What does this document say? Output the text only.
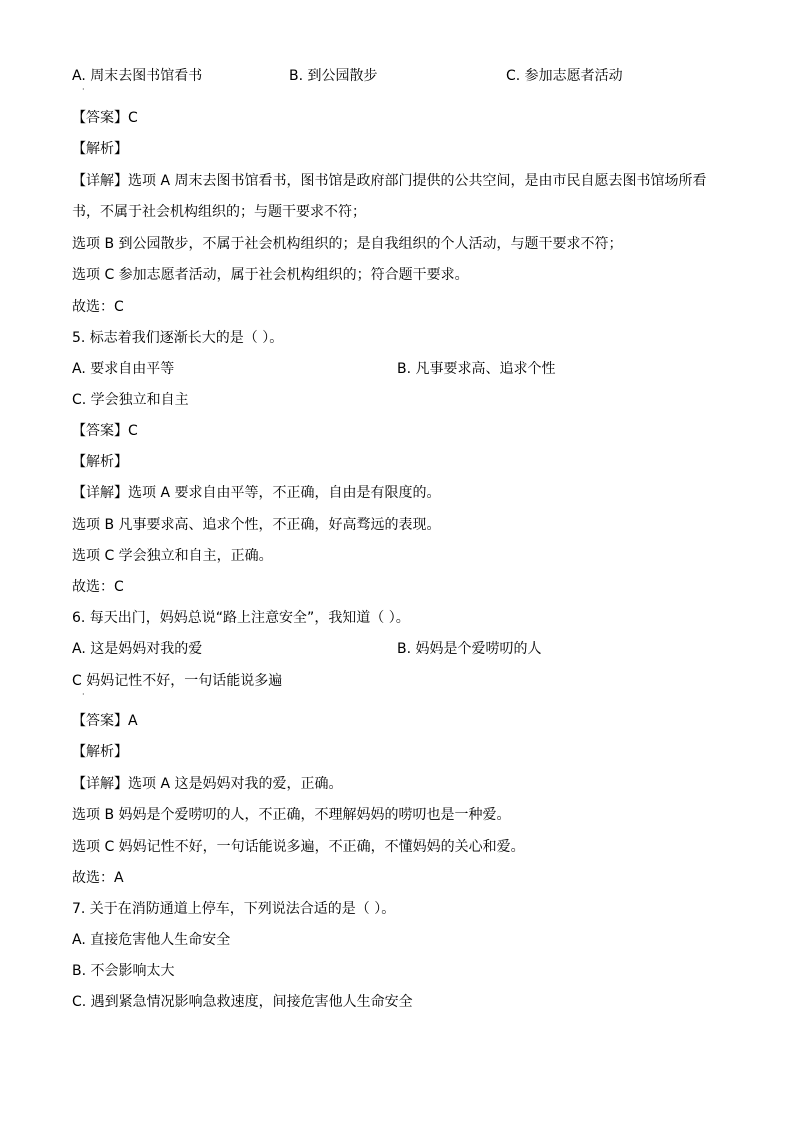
A. 周末去图书馆看书	B. 到公园散步	C. 参加志愿者活动
·
【答案】C
【解析】
【详解】选项 A 周末去图书馆看书，图书馆是政府部门提供的公共空间，是由市民自愿去图书馆场所看
书，不属于社会机构组织的；与题干要求不符；
选项 B 到公园散步，不属于社会机构组织的；是自我组织的个人活动，与题干要求不符；
选项 C 参加志愿者活动，属于社会机构组织的；符合题干要求。
故选：C
5. 标志着我们逐渐长大的是（ ）。
A. 要求自由平等	B. 凡事要求高、追求个性
C. 学会独立和自主
【答案】C
【解析】
【详解】选项 A 要求自由平等，不正确，自由是有限度的。
选项 B 凡事要求高、追求个性，不正确，好高骛远的表现。
选项 C 学会独立和自主，正确。
故选：C
6. 每天出门，妈妈总说“路上注意安全”，我知道（ ）。
A. 这是妈妈对我的爱	B. 妈妈是个爱唠叨的人
C 妈妈记性不好，一句话能说多遍
·
【答案】A
【解析】
【详解】选项 A 这是妈妈对我的爱，正确。
选项 B 妈妈是个爱唠叨的人，不正确，不理解妈妈的唠叨也是一种爱。
选项 C 妈妈记性不好，一句话能说多遍，不正确，不懂妈妈的关心和爱。
故选：A
7. 关于在消防通道上停车，下列说法合适的是（ ）。
A. 直接危害他人生命安全
B. 不会影响太大
C. 遇到紧急情况影响急救速度，间接危害他人生命安全
